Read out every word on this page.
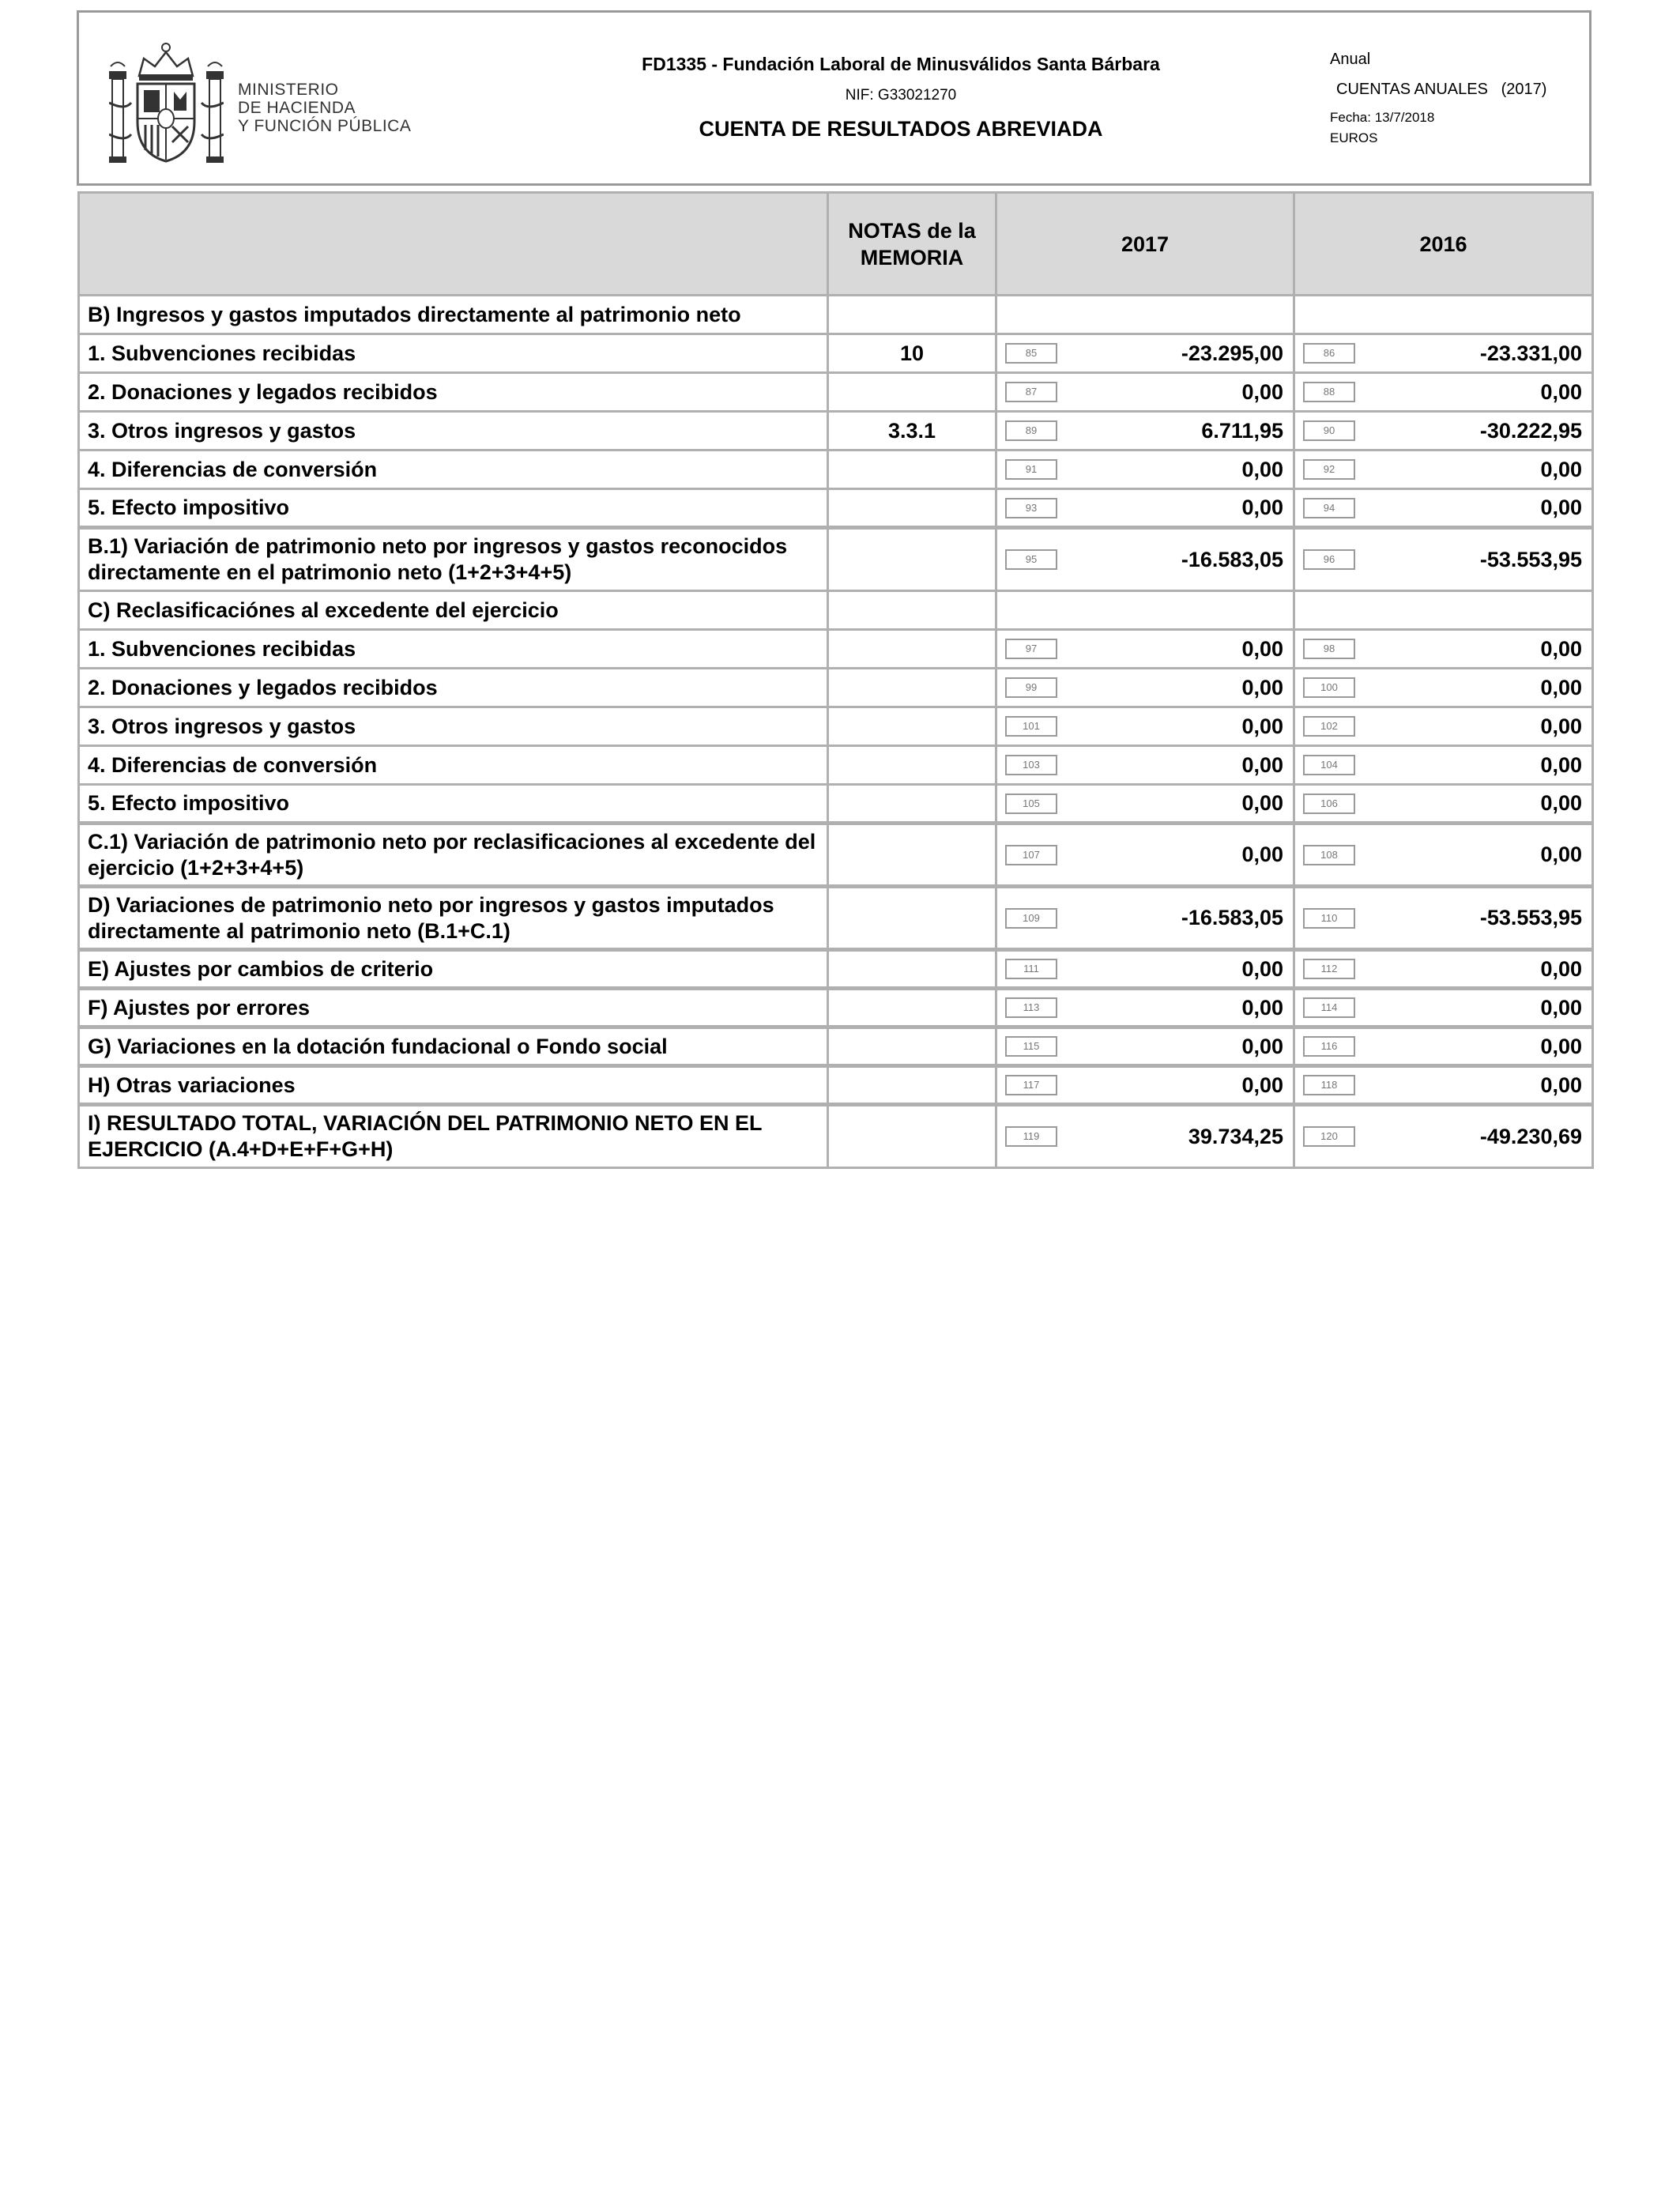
MINISTERIO
DE HACIENDA
Y FUNCIÓN PÚBLICA
FD1335 - Fundación Laboral de Minusválidos Santa Bárbara
NIF: G33021270
CUENTA DE RESULTADOS ABREVIADA
Anual
CUENTAS ANUALES   (2017)
Fecha: 13/7/2018
EUROS
	NOTAS de la MEMORIA	2017	2016
B) Ingresos y gastos imputados directamente al patrimonio neto			
1. Subvenciones recibidas	10	85 -23.295,00	86 -23.331,00
2. Donaciones y legados recibidos		87 0,00	88 0,00
3. Otros ingresos y gastos	3.3.1	89 6.711,95	90 -30.222,95
4. Diferencias de conversión		91 0,00	92 0,00
5. Efecto impositivo		93 0,00	94 0,00
B.1) Variación de patrimonio neto por ingresos y gastos reconocidos directamente en el patrimonio neto (1+2+3+4+5)		95 -16.583,05	96 -53.553,95
C) Reclasificaciónes al excedente del ejercicio			
1. Subvenciones recibidas		97 0,00	98 0,00
2. Donaciones y legados recibidos		99 0,00	100 0,00
3. Otros ingresos y gastos		101 0,00	102 0,00
4. Diferencias de conversión		103 0,00	104 0,00
5. Efecto impositivo		105 0,00	106 0,00
C.1) Variación de patrimonio neto por reclasificaciones al excedente del ejercicio (1+2+3+4+5)		107 0,00	108 0,00
D) Variaciones de patrimonio neto por ingresos y gastos imputados directamente al patrimonio neto (B.1+C.1)		109 -16.583,05	110 -53.553,95
E) Ajustes por cambios de criterio		111 0,00	112 0,00
F) Ajustes por errores		113 0,00	114 0,00
G) Variaciones en la dotación fundacional o Fondo social		115 0,00	116 0,00
H) Otras variaciones		117 0,00	118 0,00
I) RESULTADO TOTAL, VARIACIÓN DEL PATRIMONIO NETO EN EL EJERCICIO (A.4+D+E+F+G+H)		119 39.734,25	120 -49.230,69
